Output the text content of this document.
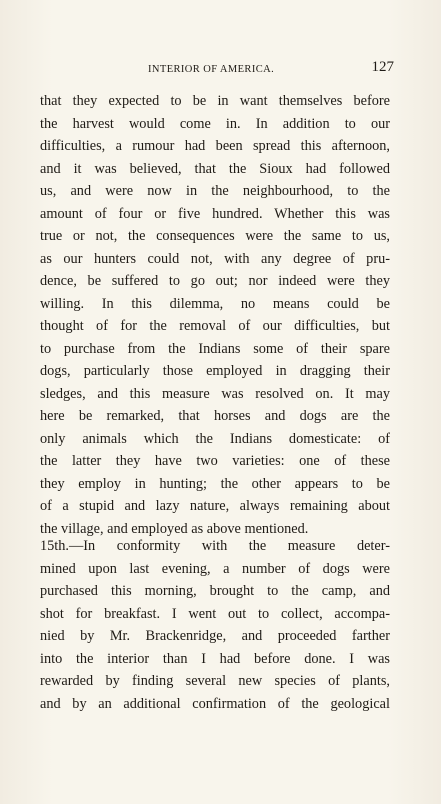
INTERIOR OF AMERICA.	127
that they expected to be in want themselves before
the harvest would come in. In addition to our
difficulties, a rumour had been spread this afternoon,
and it was believed, that the Sioux had followed
us, and were now in the neighbourhood, to the
amount of four or five hundred. Whether this was
true or not, the consequences were the same to us,
as our hunters could not, with any degree of pru-
dence, be suffered to go out; nor indeed were they
willing. In this dilemma, no means could be
thought of for the removal of our difficulties, but
to purchase from the Indians some of their spare
dogs, particularly those employed in dragging their
sledges, and this measure was resolved on. It may
here be remarked, that horses and dogs are the
only animals which the Indians domesticate: of
the latter they have two varieties: one of these
they employ in hunting; the other appears to be
of a stupid and lazy nature, always remaining about
the village, and employed as above mentioned.
15th.—In conformity with the measure deter-
mined upon last evening, a number of dogs were
purchased this morning, brought to the camp, and
shot for breakfast. I went out to collect, accompa-
nied by Mr. Brackenridge, and proceeded farther
into the interior than I had before done. I was
rewarded by finding several new species of plants,
and by an additional confirmation of the geological
